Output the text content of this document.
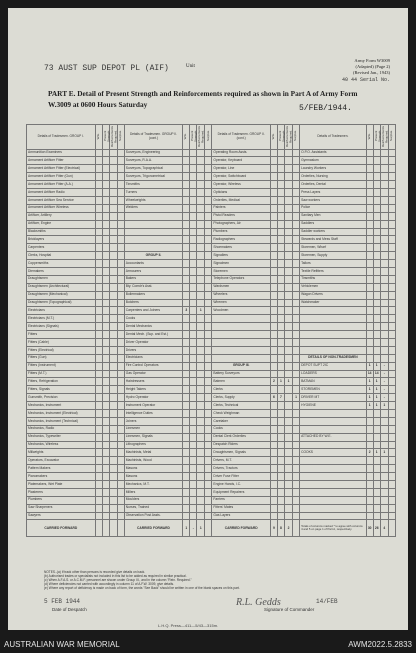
73 AUST SUP DEPOT PL (AIF)	Unit
Army Form W3009
(Adapted) (Page 2)
(Revised Jan., 1943)
40 44 Serial No.
PART E. Detail of Present Strength and Reinforcements required as shown in Part A of Army Form W.3009 at 0600 Hours Saturday	5/FEB/1944.
Details of Tradesmen. GROUP I.	W.E.	Present Strength.	Reinforcements Required.	Surplus.	Details of Tradesmen. GROUP II. (cont.)	W.E.	Present Strength.	Reinforcements Required.	Surplus.	Details of Tradesmen. GROUP II. (cont.)	W.E.	Present Strength.	Reinforcements Required.	Surplus.	Details of Tradesmen.	W.E.	Present Strength.	Reinforcements Required.	Surplus.
Ammunition Examiners					Surveyors, Engineering					Operating Room Assts.					O.P.O. Assistants				
Armament Artificer Fitter					Surveyors, R.A.A.					Operator, Keyboard					Gymnasium				
Armament Artificer Fitter (Electrical)					Surveyors, Topographical					Operator, Line					Laundry Workers				
Armament Artificer Fitter (Gun)					Surveyors, Trigonometrical					Operator, Switchboard					Orderlies, Nursing				
Armament Artificer Fitter (A.A.)					Tinsmiths					Operator, Wireless					Orderlies, Dental				
Armament Artificer Radio					Turners					Opticians					Press Layers				
Armament Artificer Sea Service					Wheelwrights					Orderlies, Medical					Saw workers				
Armament Artificer Wireless					Welders					Painters					Police				
Artificer, Artillery										Pistol Readers					Sanitary Men				
Artificer, Engine										Photographers, Air					Saddlers				
Blacksmiths										Plumbers					Saddler workers				
Bricklayers										Radiographers					Stewards and Mess Staff				
Carpenters										Shoemakers					Storemen, Wharf				
Clerks, Hospital					GROUP II.					Signallers					Storemen, Supply				
Coppersmiths					Accountants					Signalmen					Tailors				
Diemakers					Armourers					Storemen					Textile Refitters				
Draughtsmen					Bakers					Telephone Operators					Tinsmiths				
Draughtsmen (Architectural)					Bty. Comdr's Asst.					Wardsmen					Vehiclemen				
Draughtsmen (Mechanical)					Boilermakers					Wheelers					Wagon Drivers				
Draughtsmen (Topographical)					Butchers					Wiremen					Watchmaker				
Electricians					Carpenters and Joiners	3		1		Woodmen									
Electricians (M.T.)					Cooks														
Electricians (Signals)					Dental Mechanics														
Fitters					Dental Mech. (Sup. and Est.)														
Fitters (Cable)					Driver Operator														
Fitters (Electrical)					Drivers														
Fitters (Gun)					Electricians										DETAILS OF NON-TRADESMEN				
Fitters (Instrument)					Fire Control Operators					GROUP III.					DEPOT SUPT 2IC	1	1	-	
Fitters (M.T.)					Gas Operator					Battery Surveyors					LOADERS	14	14	-	
Fitters, Refrigeration					Hairdressers					Batmen	2	1	1		BATMAN	1	1	-	
Fitters, Signals					Height Takers					Clerks					STOREMEN	1	1	-	
Gunsmith, Precision					Hydro Operator					Clerks, Supply	6	7		1	DRIVER MT	1	1	-	
Mechanics, Instrument					Instrument Operator					Clerks, Technical					HYGIENE	1	1	1	
Mechanics, Instrument (Electrical)					Intelligence Duties					Check Weighman									
Mechanics, Instrument (Technical)					Joiners					Caretaker									
Mechanics, Radio					Linesmen					Cooks									
Mechanics, Typewriter					Linesmen, Signals					Dental Clerk Orderlies					ATTACHED BY W.E.				
Mechanics, Wireless					Lithographers					Despatch Riders									
Millwrights					Machinists, Metal					Draughtsmen, Signals					COOKS	2	1	1	
Operators, Excavator					Machinists, Wood					Drivers, M.T.									
Pattern Makers					Masons					Drivers, Tractors									
Pianomakers					Masons					Driver Fuse Fitter									
Platemakers, Wet Plate					Mechanics, M.T.					Engine Hands, I.C.									
Plasterers					Millers					Equipment Repairers									
Plumbers					Moulders					Farriers									
Saw Sharpeners					Nurses, Trained					Fitters' Mates									
Sawyers					Observation Post Assts.					Gas Layers									
CARRIED FORWARD					CARRIED FORWARD	1	-	1		CARRIED FORWARD	9	8	2		Totals of columns marked * to agree with columns 4 and 5 on page 1 of Part A, respectively.	30	26	4	
NOTES.-(a) If track other than persons is recorded give details on back.
(b) Authorised trades or specialists not included in this list to be added as required in similar practical.
(c) When A.F.A.S. or A.C.M.F. personnel are shown under Group III., and in the column "Rein. Required."
(d) Where deficiencies not carried with accordingly in column 11 of A.F.W. 3009, give details.
(e) Where any report of deficiency is made on back of form, the words "See Back" should be written in one of the blank spaces on this part.
5 FEB 1944
Date of Despatch
R.L. Gedds	14/FEB
Signature of Commander
L.H.Q. Press—411—5/43—315m.
AUSTRALIAN WAR MEMORIAL	AWM2022.5.2833
